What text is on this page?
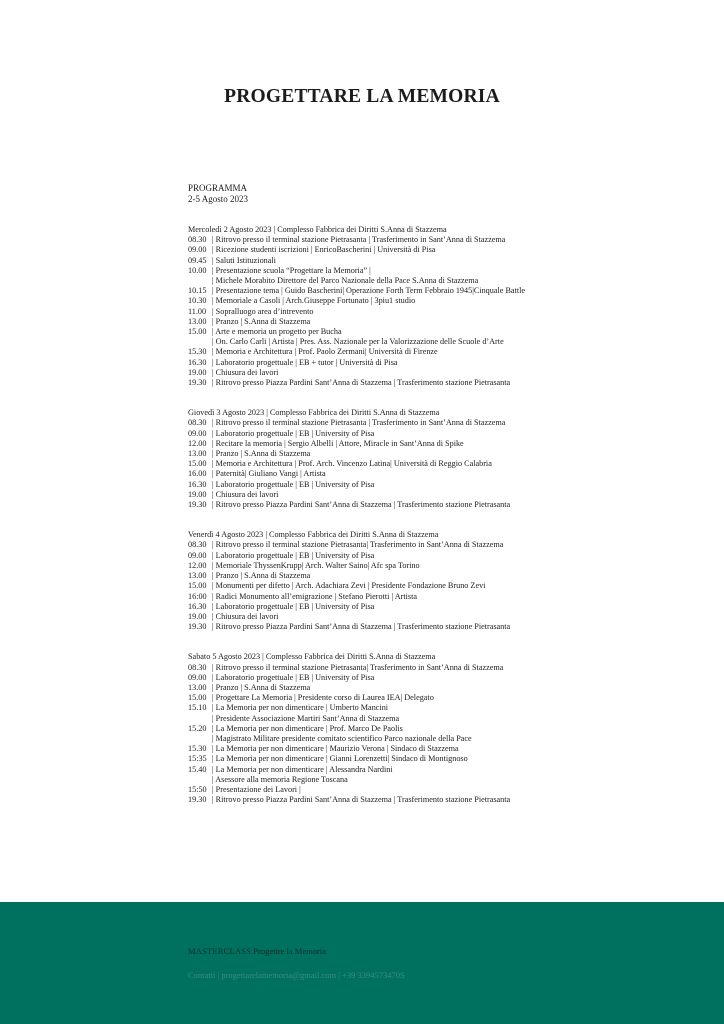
PROGETTARE LA MEMORIA
PROGRAMMA
2-5 Agosto 2023
Mercoledì 2 Agosto 2023 | Complesso Fabbrica dei Diritti S.Anna di Stazzema
08.30 | Ritrovo presso il terminal stazione Pietrasanta | Trasferimento in Sant’Anna di Stazzema
09.00 | Ricezione studenti iscrizioni | EnricoBascherini | Università di Pisa
09.45 | Saluti Istituzionali
10.00 | Presentazione scuola “Progettare la Memoria” |
| Michele Morabito Direttore del Parco Nazionale della Pace S.Anna di Stazzema
10.15 | Presentazione tema | Guido Bascherini| Operazione Forth Term Febbraio 1945|Cinquale Battle
10.30 | Memoriale a Casoli | Arch.Giuseppe Fortunato | 3piu1 studio
11.00 | Sopralluogo area d’intrevento
13.00 | Pranzo | S.Anna di Stazzema
15.00 | Arte e memoria un progetto per Bucha
| On. Carlo Carli | Artista | Pres. Ass. Nazionale per la Valorizzazione delle Scuole d’Arte
15.30 | Memoria e Architettura | Prof. Paolo Zermani| Università di Firenze
16.30 | Laboratorio progettuale | EB + tutor | Università di Pisa
19.00 | Chiusura dei lavori
19.30 | Ritrovo presso Piazza Pardini Sant’Anna di Stazzema | Trasferimento stazione Pietrasanta
Giovedì 3 Agosto 2023 | Complesso Fabbrica dei Diritti S.Anna di Stazzema
08.30 | Ritrovo presso il terminal stazione Pietrasanta | Trasferimento in Sant’Anna di Stazzema
09.00 | Laboratorio progettuale | EB | University of Pisa
12.00 | Recitare la memoria | Sergio Albelli | Attore, Miracle in Sant’Anna di Spike
13.00 | Pranzo | S.Anna di Stazzema
15.00 | Memoria e Architettura | Prof. Arch. Vincenzo Latina| Università di Reggio Calabria
16.00 | Paternità| Giuliano Vangi | Artista
16.30 | Laboratorio progettuale | EB | University of Pisa
19.00 | Chiusura dei lavori
19.30 | Ritrovo presso Piazza Pardini Sant’Anna di Stazzema | Trasferimento stazione Pietrasanta
Venerdì 4 Agosto 2023 | Complesso Fabbrica dei Diritti S.Anna di Stazzema
08.30 | Ritrovo presso il terminal stazione Pietrasanta| Trasferimento in Sant’Anna di Stazzema
09.00 | Laboratorio progettuale | EB | University of Pisa
12.00 | Memoriale ThyssenKrupp| Arch. Walter Saino| Afc spa Torino
13.00 | Pranzo | S.Anna di Stazzema
15.00 | Monumenti per difetto | Arch. Adachiara Zevi | Presidente Fondazione Bruno Zevi
16:00 | Radici Monumento all’emigrazione | Stefano Pierotti | Artista
16.30 | Laboratorio progettuale | EB | University of Pisa
19.00 | Chiusura dei lavori
19.30 | Ritrovo presso Piazza Pardini Sant’Anna di Stazzema | Trasferimento stazione Pietrasanta
Sabato 5 Agosto 2023 | Complesso Fabbrica dei Diritti S.Anna di Stazzema
08.30 | Ritrovo presso il terminal stazione Pietrasanta| Trasferimento in Sant’Anna di Stazzema
09.00 | Laboratorio progettuale | EB | University of Pisa
13.00 | Pranzo | S.Anna di Stazzema
15.00 | Progettare La Memoria | Presidente corso di Laurea IEA| Delegato
15.10 | La Memoria per non dimenticare | Umberto Mancini
| Presidente Associazione Martiri Sant’Anna di Stazzema
15.20 | La Memoria per non dimenticare | Prof. Marco De Paolis
| Magistrato Militare presidente comitato scientifico Parco nazionale della Pace
15.30 | La Memoria per non dimenticare | Maurizio Verona | Sindaco di Stazzema
15:35 | La Memoria per non dimenticare | Gianni Lorenzetti| Sindaco di Montignoso
15.40 | La Memoria per non dimenticare | Alessandra Nardini
| Asessore alla memoria Regione Toscana
15:50 | Presentazione dei Lavori |
19.30 | Ritrovo presso Piazza Pardini Sant’Anna di Stazzema | Trasferimento stazione Pietrasanta
MASTERCLASS Progettre la Memoria
Contatti | progettarelamemoria@gmail.com | +39 3394573470S
